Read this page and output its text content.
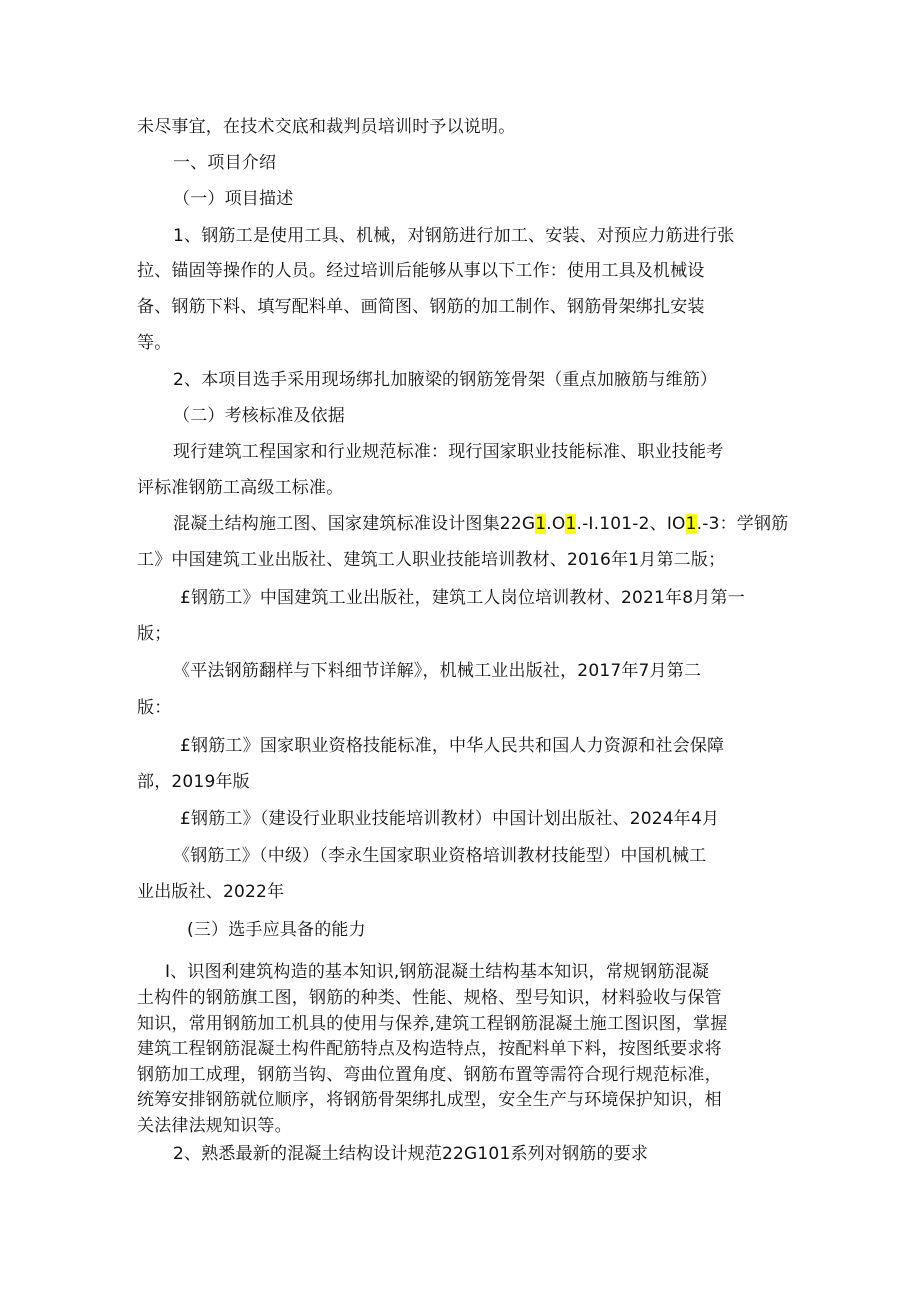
未尽事宜，在技术交底和裁判员培训时予以说明。
一、项目介绍
（一）项目描述
1、钢筋工是使用工具、机械，对钢筋进行加工、安装、对预应力筋进行张
拉、锚固等操作的人员。经过培训后能够从事以下工作：使用工具及机械设
备、钢筋下料、填写配料单、画简图、钢筋的加工制作、钢筋骨架绑扎安装
等。
2、本项目选手采用现场绑扎加腋梁的钢筋笼骨架（重点加腋筋与维筋）
（二）考核标准及依据
现行建筑工程国家和行业规范标准：现行国家职业技能标准、职业技能考
评标准钢筋工高级工标准。
混凝土结构施工图、国家建筑标准设计图集22G1.O1.-I.101-2、IO1.-3：学钢筋
工》中国建筑工业出版社、建筑工人职业技能培训教材、2016年1月第二版；
£钢筋工》中国建筑工业出版社，建筑工人岗位培训教材、2021年8月第一
版；
《平法钢筋翻样与下料细节详解》，机械工业出版社，2017年7月第二
版：
£钢筋工》国家职业资格技能标准，中华人民共和国人力资源和社会保障
部，2019年版
£钢筋工》（建设行业职业技能培训教材）中国计划出版社、2024年4月
《钢筋工》（中级）（李永生国家职业资格培训教材技能型）中国机械工
业出版社、2022年
(三）选手应具备的能力
I、识图利建筑构造的基本知识,钢筋混凝土结构基本知识，常规钢筋混凝
土构件的钢筋旗工图，钢筋的种类、性能、规格、型号知识，材料验收与保管
知识，常用钢筋加工机具的使用与保养,建筑工程钢筋混凝土施工图识图，掌握
建筑工程钢筋混凝土构件配筋特点及构造特点，按配料单下料，按图纸要求将
钢筋加工成理，钢筋当钩、弯曲位置角度、钢筋布置等需符合现行规范标准，
统筹安排钢筋就位顺序，将钢筋骨架绑扎成型，安全生产与环境保护知识，相
关法律法规知识等。
2、熟悉最新的混凝土结构设计规范22G101系列对钢筋的要求
